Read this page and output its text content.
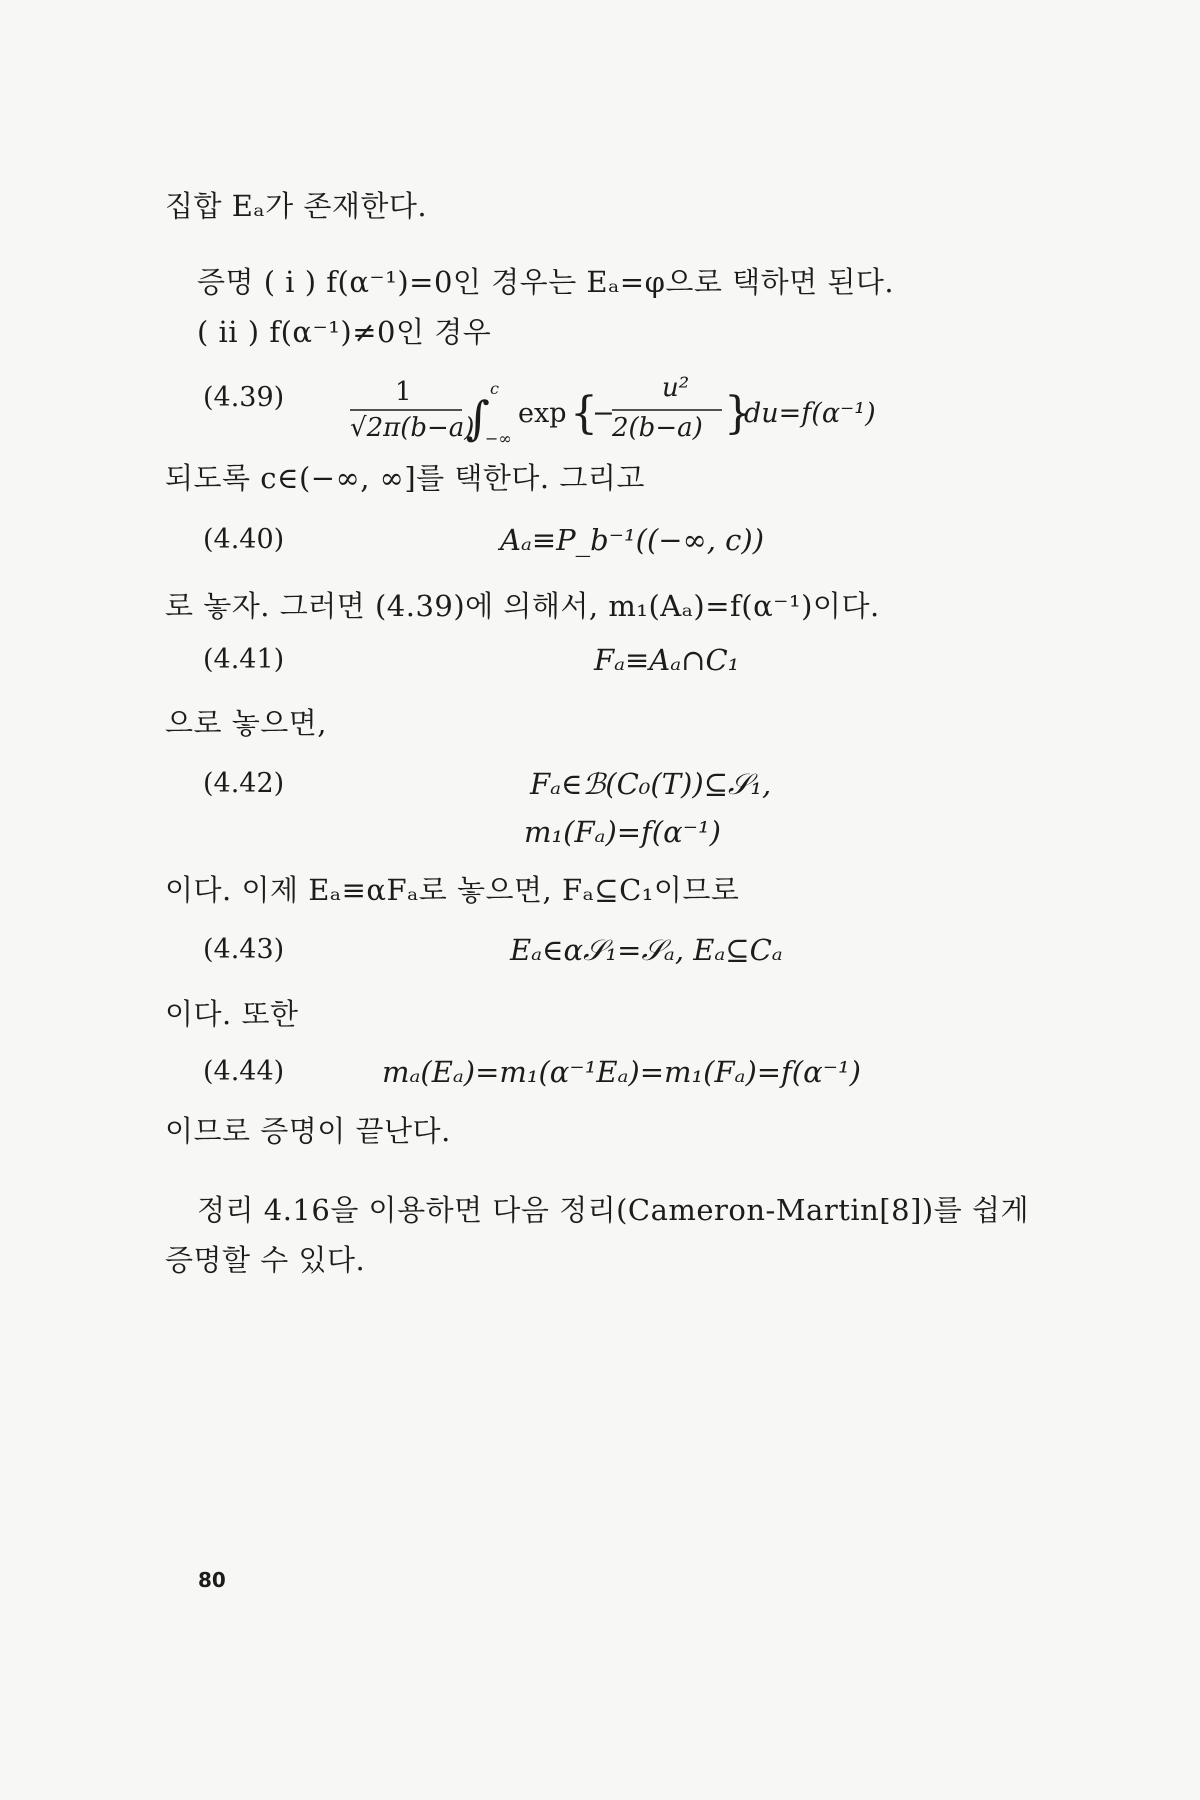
집합 Eₐ가 존재한다.
증명 ( i ) f(α⁻¹)=0인 경우는 Eₐ=φ으로 택하면 된다.
( ii ) f(α⁻¹)≠0인 경우
(4.39)	1
√2π(b−a)
∫
c
−∞
exp {
−
u²
2(b−a) }
du=f(α⁻¹)
되도록 c∈(−∞, ∞]를 택한다. 그리고
(4.40)	Aₐ≡P_b⁻¹((−∞, c))
로 놓자. 그러면 (4.39)에 의해서, m₁(Aₐ)=f(α⁻¹)이다.
(4.41)	Fₐ≡Aₐ∩C₁
으로 놓으면,
(4.42)	Fₐ∈ℬ(C₀(T))⊆𝒮₁,
m₁(Fₐ)=f(α⁻¹)
이다. 이제 Eₐ≡αFₐ로 놓으면, Fₐ⊆C₁이므로
(4.43)	Eₐ∈α𝒮₁=𝒮ₐ, Eₐ⊆Cₐ
이다. 또한
(4.44)	mₐ(Eₐ)=m₁(α⁻¹Eₐ)=m₁(Fₐ)=f(α⁻¹)
이므로 증명이 끝난다.
정리 4.16을 이용하면 다음 정리(Cameron-Martin[8])를 쉽게
증명할 수 있다.
80
